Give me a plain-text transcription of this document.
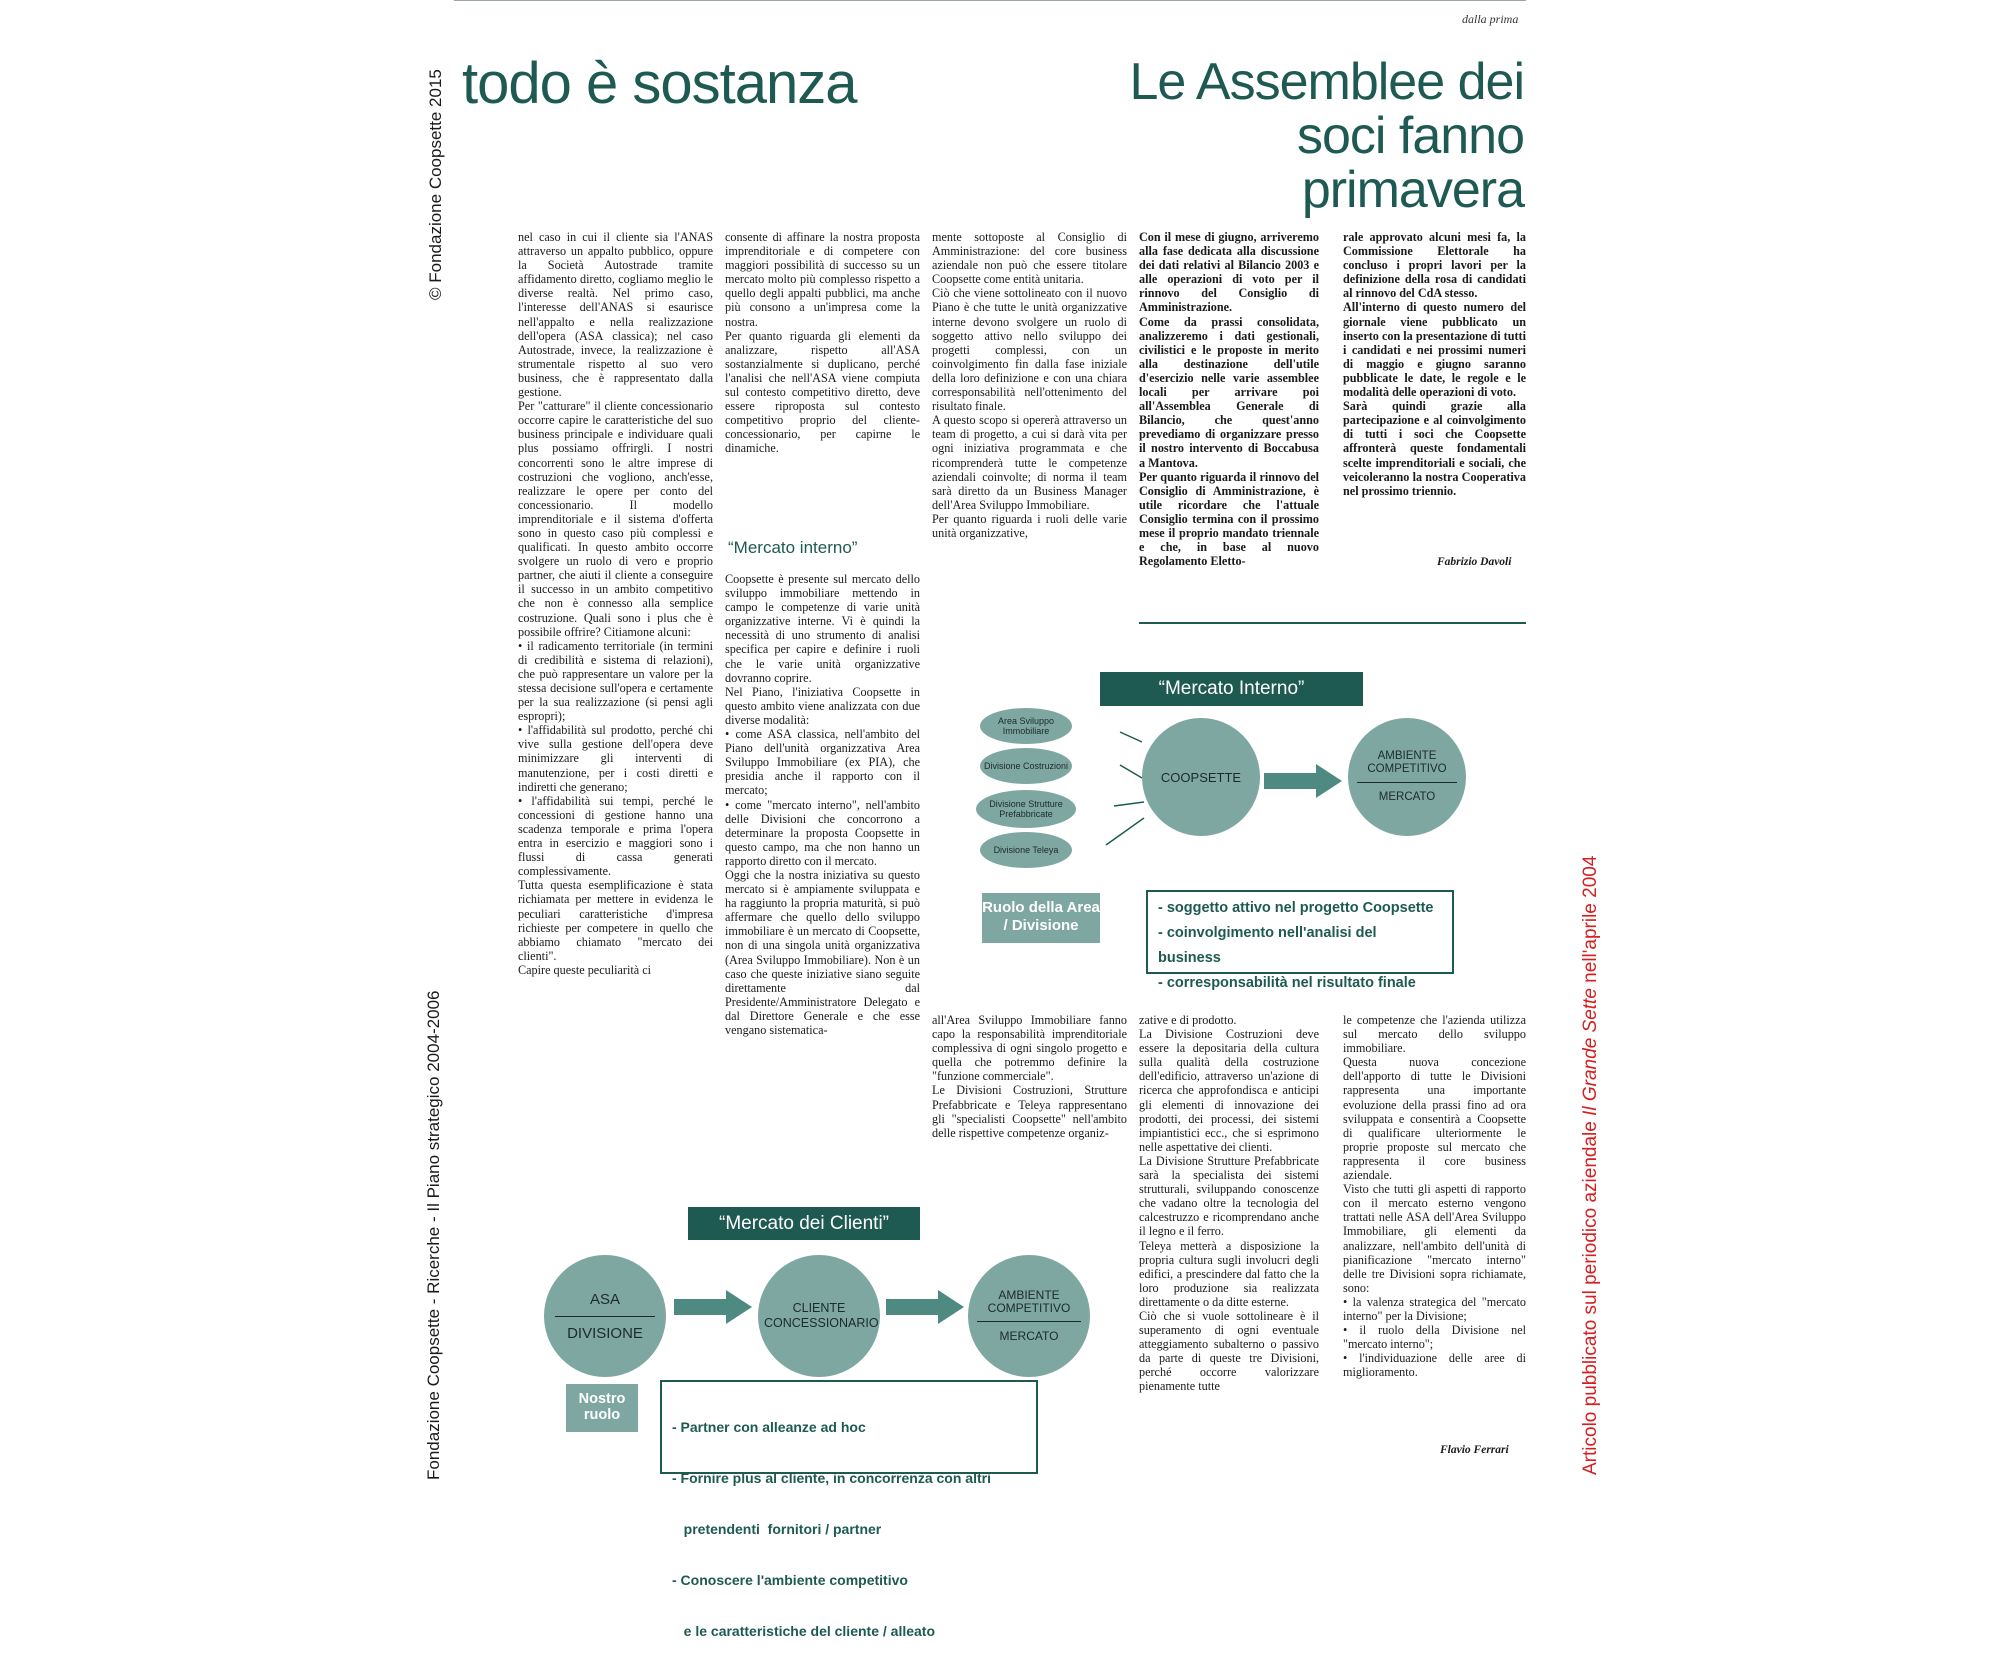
dalla prima
todo è sostanza	Le Assemblee dei
soci fanno primavera
© Fondazione Coopsette 2015
Fondazione Coopsette - Ricerche - Il Piano strategico 2004-2006	Articolo pubblicato sul periodico aziendale Il Grande Sette nell'aprile 2004
nel caso in cui il cliente sia l'ANAS attraverso un appalto pubblico, oppure la Società Autostrade tramite affidamento diretto, cogliamo meglio le diverse realtà. Nel primo caso, l'interesse dell'ANAS si esaurisce nell'appalto e nella realizzazione dell'opera (ASA classica); nel caso Autostrade, invece, la realizzazione è strumentale rispetto al suo vero business, che è rappresentato dalla gestione.
Per "catturare" il cliente concessionario occorre capire le caratteristiche del suo business principale e individuare quali plus possiamo offrirgli. I nostri concorrenti sono le altre imprese di costruzioni che vogliono, anch'esse, realizzare le opere per conto del concessionario. Il modello imprenditoriale e il sistema d'offerta sono in questo caso più complessi e qualificati. In questo ambito occorre svolgere un ruolo di vero e proprio partner, che aiuti il cliente a conseguire il successo in un ambito competitivo che non è connesso alla semplice costruzione. Quali sono i plus che è possibile offrire? Citiamone alcuni:
• il radicamento territoriale (in termini di credibilità e sistema di relazioni), che può rappresentare un valore per la stessa decisione sull'opera e certamente per la sua realizzazione (si pensi agli espropri);
• l'affidabilità sul prodotto, perché chi vive sulla gestione dell'opera deve minimizzare gli interventi di manutenzione, per i costi diretti e indiretti che generano;
• l'affidabilità sui tempi, perché le concessioni di gestione hanno una scadenza temporale e prima l'opera entra in esercizio e maggiori sono i flussi di cassa generati complessivamente.
Tutta questa esemplificazione è stata richiamata per mettere in evidenza le peculiari caratteristiche d'impresa richieste per competere in quello che abbiamo chiamato "mercato dei clienti".
Capire queste peculiarità ci
consente di affinare la nostra proposta imprenditoriale e di competere con maggiori possibilità di successo su un mercato molto più complesso rispetto a quello degli appalti pubblici, ma anche più consono a un'impresa come la nostra.
Per quanto riguarda gli elementi da analizzare, rispetto all'ASA sostanzialmente si duplicano, perché l'analisi che nell'ASA viene compiuta sul contesto competitivo diretto, deve essere riproposta sul contesto competitivo proprio del cliente-concessionario, per capirne le dinamiche.
“Mercato interno”
Coopsette è presente sul mercato dello sviluppo immobiliare mettendo in campo le competenze di varie unità organizzative interne. Vi è quindi la necessità di uno strumento di analisi specifica per capire e definire i ruoli che le varie unità organizzative dovranno coprire.
Nel Piano, l'iniziativa Coopsette in questo ambito viene analizzata con due diverse modalità:
• come ASA classica, nell'ambito del Piano dell'unità organizzativa Area Sviluppo Immobiliare (ex PIA), che presidia anche il rapporto con il mercato;
• come "mercato interno", nell'ambito delle Divisioni che concorrono a determinare la proposta Coopsette in questo campo, ma che non hanno un rapporto diretto con il mercato.
Oggi che la nostra iniziativa su questo mercato si è ampiamente sviluppata e ha raggiunto la propria maturità, si può affermare che quello dello sviluppo immobiliare è un mercato di Coopsette, non di una singola unità organizzativa (Area Sviluppo Immobiliare). Non è un caso che queste iniziative siano seguite direttamente dal Presidente/Amministratore Delegato e dal Direttore Generale e che esse vengano sistematica-
mente sottoposte al Consiglio di Amministrazione: del core business aziendale non può che essere titolare Coopsette come entità unitaria.
Ciò che viene sottolineato con il nuovo Piano è che tutte le unità organizzative interne devono svolgere un ruolo di soggetto attivo nello sviluppo dei progetti complessi, con un coinvolgimento fin dalla fase iniziale della loro definizione e con una chiara corresponsabilità nell'ottenimento del risultato finale.
A questo scopo si opererà attraverso un team di progetto, a cui si darà vita per ogni iniziativa programmata e che ricomprenderà tutte le competenze aziendali coinvolte; di norma il team sarà diretto da un Business Manager dell'Area Sviluppo Immobiliare.
Per quanto riguarda i ruoli delle varie unità organizzative,
all'Area Sviluppo Immobiliare fanno capo la responsabilità imprenditoriale complessiva di ogni singolo progetto e quella che potremmo definire la "funzione commerciale".
Le Divisioni Costruzioni, Strutture Prefabbricate e Teleya rappresentano gli "specialisti Coopsette" nell'ambito delle rispettive competenze organiz-
zative e di prodotto.
La Divisione Costruzioni deve essere la depositaria della cultura sulla qualità della costruzione dell'edificio, attraverso un'azione di ricerca che approfondisca e anticipi gli elementi di innovazione dei prodotti, dei processi, dei sistemi impiantistici ecc., che si esprimono nelle aspettative dei clienti.
La Divisione Strutture Prefabbricate sarà la specialista dei sistemi strutturali, sviluppando conoscenze che vadano oltre la tecnologia del calcestruzzo e ricomprendano anche il legno e il ferro.
Teleya metterà a disposizione la propria cultura sugli involucri degli edifici, a prescindere dal fatto che la loro produzione sia realizzata direttamente o da ditte esterne.
Ciò che si vuole sottolineare è il superamento di ogni eventuale atteggiamento subalterno o passivo da parte di queste tre Divisioni, perché occorre valorizzare pienamente tutte
le competenze che l'azienda utilizza sul mercato dello sviluppo immobiliare.
Questa nuova concezione dell'apporto di tutte le Divisioni rappresenta una importante evoluzione della prassi fino ad ora sviluppata e consentirà a Coopsette di qualificare ulteriormente le proprie proposte sul mercato che rappresenta il core business aziendale.
Visto che tutti gli aspetti di rapporto con il mercato esterno vengono trattati nelle ASA dell'Area Sviluppo Immobiliare, gli elementi da analizzare, nell'ambito dell'unità di pianificazione "mercato interno" delle tre Divisioni sopra richiamate, sono:
• la valenza strategica del "mercato interno" per la Divisione;
• il ruolo della Divisione nel "mercato interno";
• l'individuazione delle aree di miglioramento.
Flavio Ferrari
Con il mese di giugno, arriveremo alla fase dedicata alla discussione dei dati relativi al Bilancio 2003 e alle operazioni di voto per il rinnovo del Consiglio di Amministrazione.
Come da prassi consolidata, analizzeremo i dati gestionali, civilistici e le proposte in merito alla destinazione dell'utile d'esercizio nelle varie assemblee locali per arrivare poi all'Assemblea Generale di Bilancio, che quest'anno prevediamo di organizzare presso il nostro intervento di Boccabusa a Mantova.
Per quanto riguarda il rinnovo del Consiglio di Amministrazione, è utile ricordare che l'attuale Consiglio termina con il prossimo mese il proprio mandato triennale e che, in base al nuovo Regolamento Eletto-
rale approvato alcuni mesi fa, la Commissione Elettorale ha concluso i propri lavori per la definizione della rosa di candidati al rinnovo del CdA stesso.
All'interno di questo numero del giornale viene pubblicato un inserto con la presentazione di tutti i candidati e nei prossimi numeri di maggio e giugno saranno pubblicate le date, le regole e le modalità delle operazioni di voto.
Sarà quindi grazie alla partecipazione e al coinvolgimento di tutti i soci che Coopsette affronterà queste fondamentali scelte imprenditoriali e sociali, che veicoleranno la nostra Cooperativa nel prossimo triennio.
Fabrizio Davoli
“Mercato Interno”
Area Sviluppo Immobiliare
Divisione Costruzioni
Divisione Strutture Prefabbricate
Divisione Teleya
COOPSETTE
AMBIENTE COMPETITIVO
MERCATO
Ruolo della Area / Divisione
- soggetto attivo nel progetto Coopsette
- coinvolgimento nell'analisi del business
- corresponsabilità nel risultato finale
“Mercato dei Clienti”
ASA
DIVISIONE
CLIENTE CONCESSIONARIO
AMBIENTE COMPETITIVO
MERCATO
Nostro ruolo

- Partner con alleanze ad hoc

- Fornire plus al cliente, in concorrenza con altri

pretendenti  fornitori / partner

- Conoscere l'ambiente competitivo

e le caratteristiche del cliente / alleato
